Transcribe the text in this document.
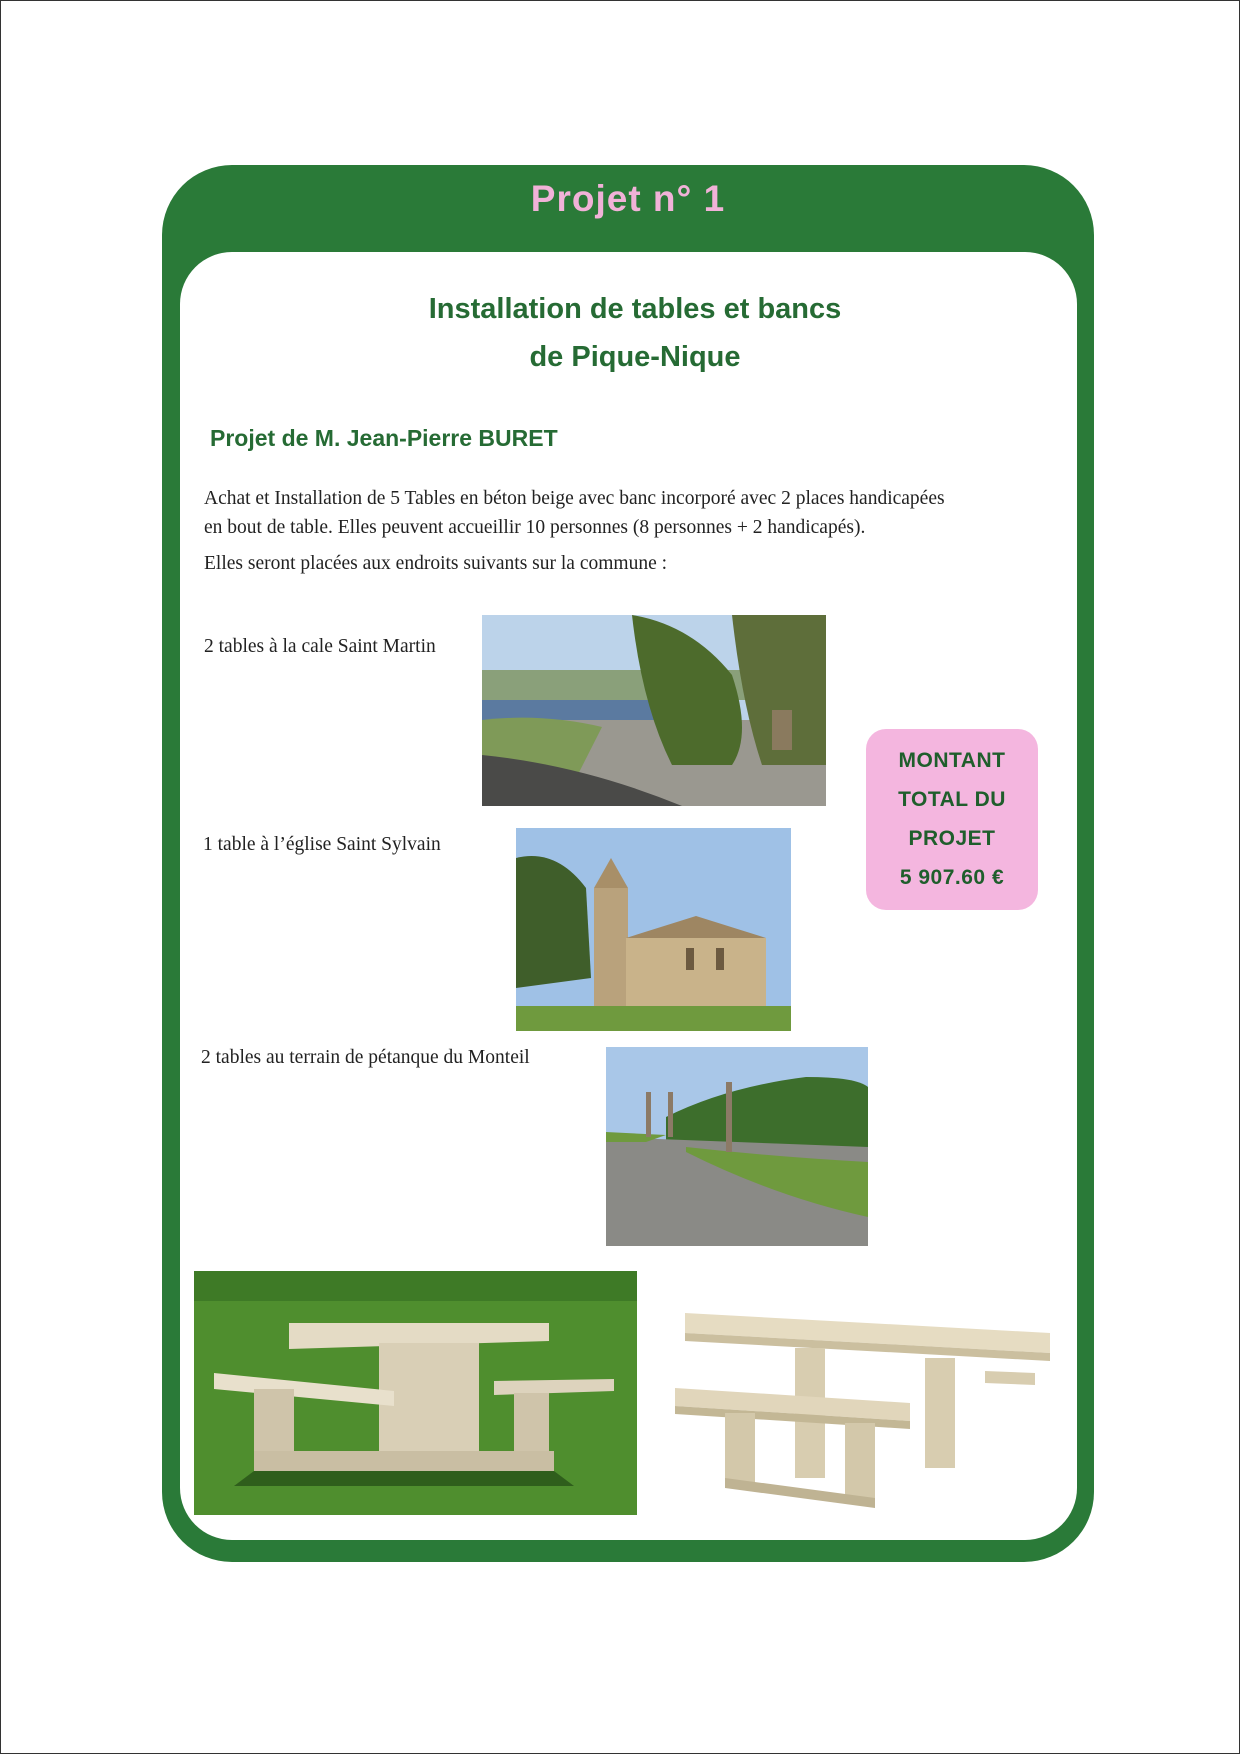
Projet n° 1
Installation de tables et bancs
de Pique-Nique
Projet de M. Jean-Pierre BURET
Achat et Installation de 5 Tables en béton beige avec banc incorporé avec 2 places handicapées
en bout de table. Elles peuvent accueillir 10 personnes (8 personnes + 2 handicapés).
Elles seront placées aux endroits suivants sur la commune :
2 tables à la cale Saint Martin
1 table à l’église Saint Sylvain
2 tables au terrain de pétanque du Monteil
MONTANT
TOTAL DU
PROJET
5 907.60 €
